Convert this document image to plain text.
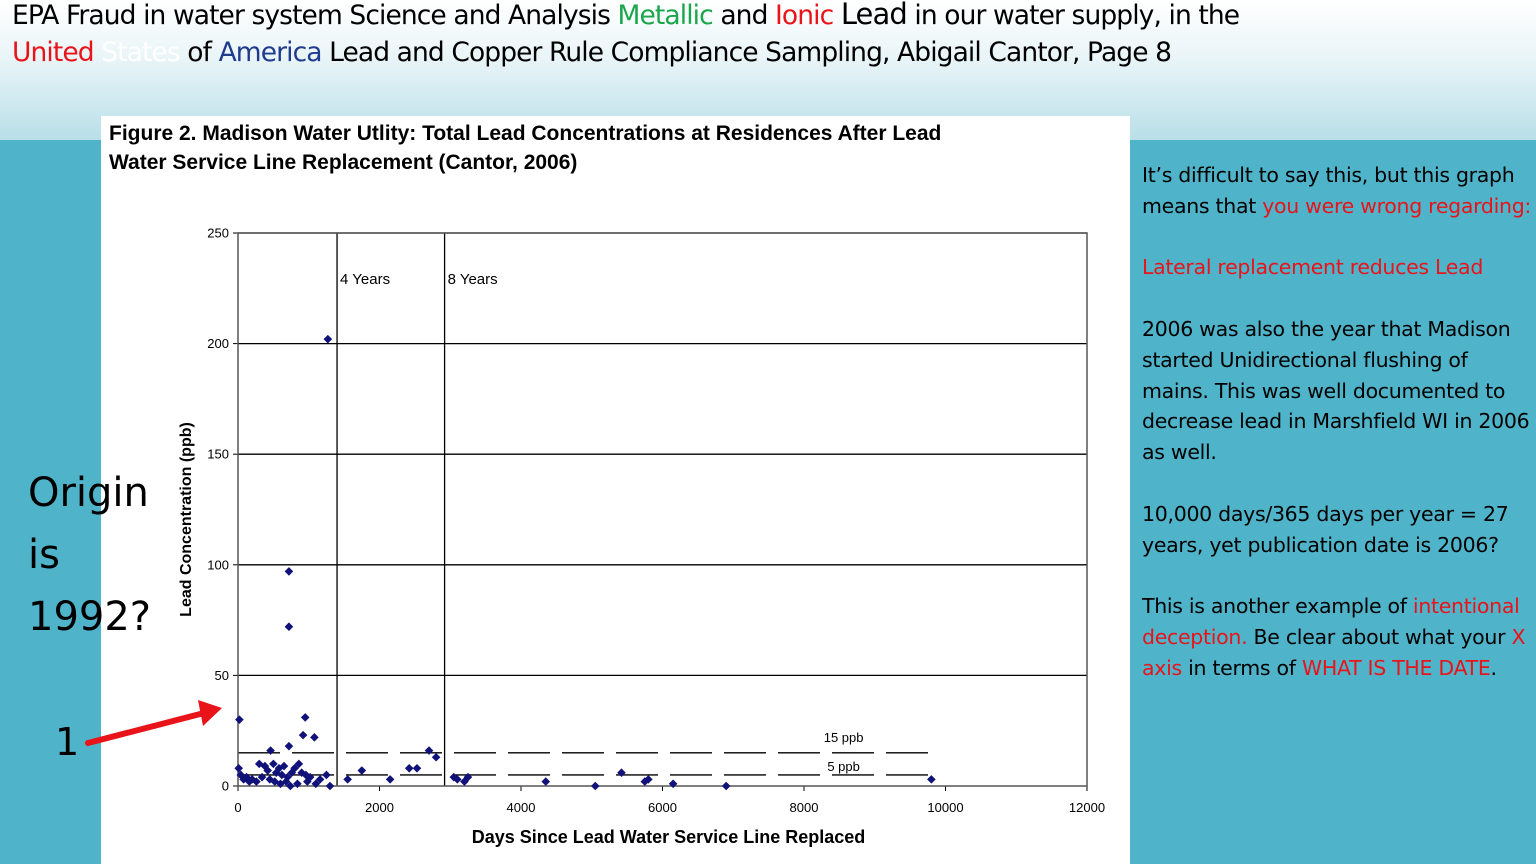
EPA Fraud in water system Science and Analysis Metallic and Ionic Lead in our water supply, in the
United States of America Lead and Copper Rule Compliance Sampling, Abigail Cantor, Page 8
0
50
100
150
200
250
0	2000	4000	6000	8000	10000	12000
15 ppb
5 ppb
4 Years	8 Years
Days Since Lead Water Service Line Replaced
Lead Concentration (ppb)
Figure 2. Madison Water Utlity: Total Lead Concentrations at Residences After Lead
Water Service Line Replacement (Cantor, 2006)

It’s difficult to say this, but this graph means that you were wrong regarding:

Lateral replacement reduces Lead

2006 was also the year that Madison started Unidirectional flushing of mains. This was well documented to decrease lead in Marshfield WI in 2006 as well.

10,000 days/365 days per year = 27 years, yet publication date is 2006?

This is another example of intentional deception. Be clear about what your X axis in terms of WHAT IS THE DATE.

Origin
is
1992?
1
